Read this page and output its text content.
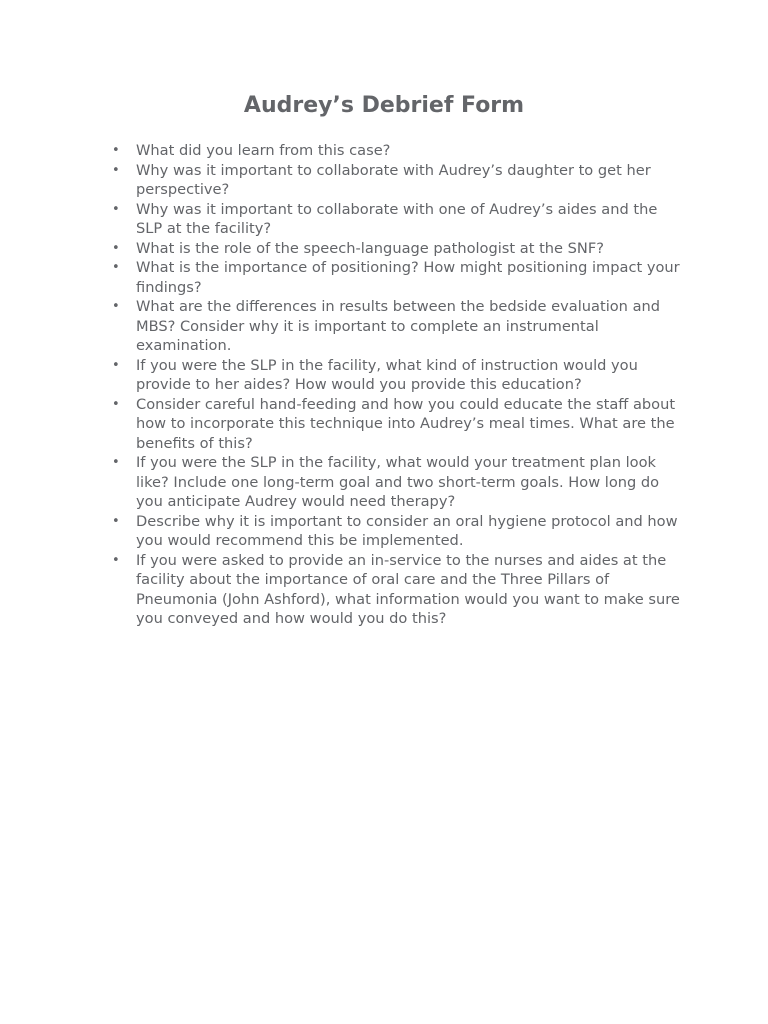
Audrey’s Debrief Form
• What did you learn from this case?
• Why was it important to collaborate with Audrey’s daughter to get her perspective?
• Why was it important to collaborate with one of Audrey’s aides and the SLP at the facility?
• What is the role of the speech-language pathologist at the SNF?
• What is the importance of positioning? How might positioning impact your findings?
• What are the differences in results between the bedside evaluation and MBS? Consider why it is important to complete an instrumental examination.
• If you were the SLP in the facility, what kind of instruction would you provide to her aides? How would you provide this education?
• Consider careful hand-feeding and how you could educate the staff about how to incorporate this technique into Audrey’s meal times. What are the benefits of this?
• If you were the SLP in the facility, what would your treatment plan look like? Include one long-term goal and two short-term goals. How long do you anticipate Audrey would need therapy?
• Describe why it is important to consider an oral hygiene protocol and how you would recommend this be implemented.
• If you were asked to provide an in-service to the nurses and aides at the facility about the importance of oral care and the Three Pillars of Pneumonia (John Ashford), what information would you want to make sure you conveyed and how would you do this?
